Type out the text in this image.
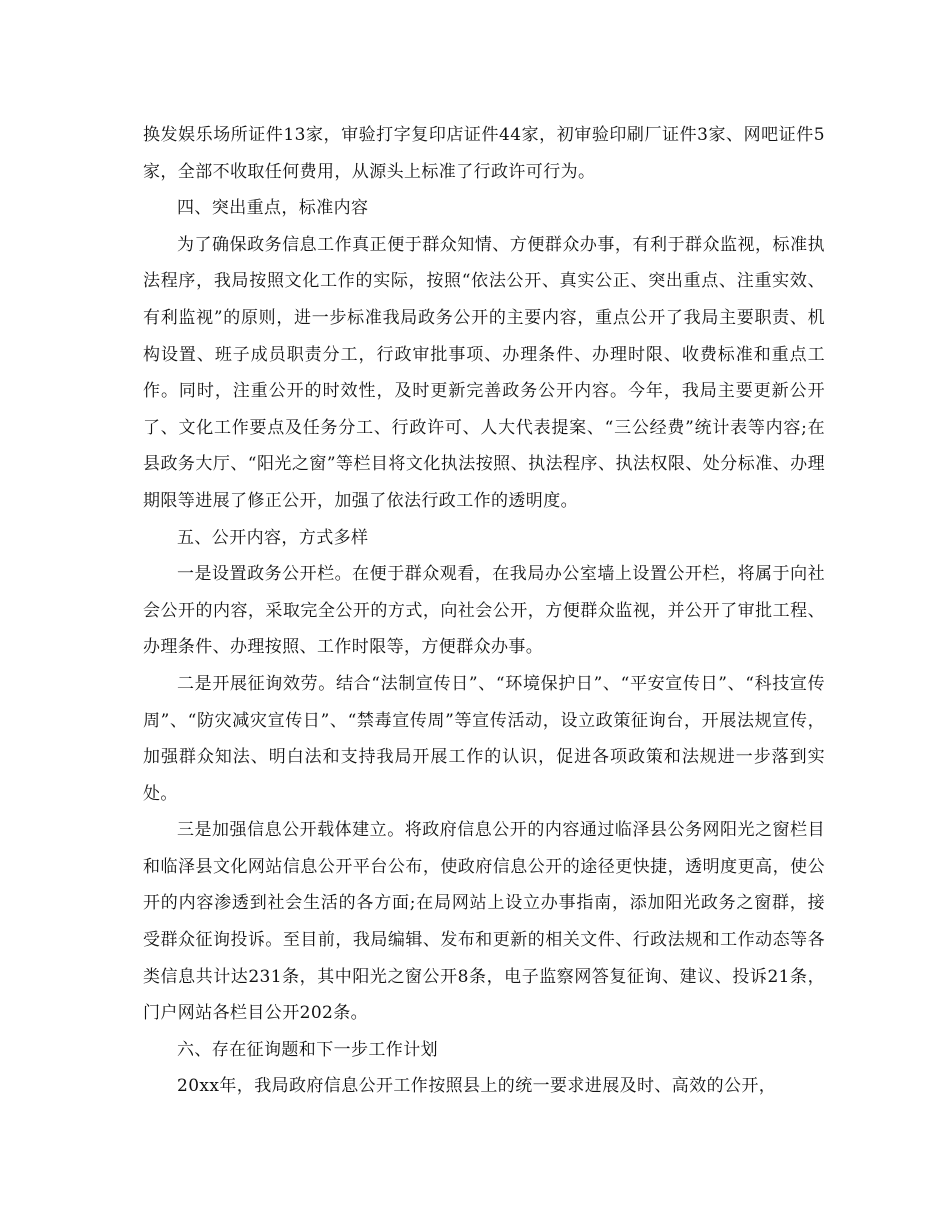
换发娱乐场所证件13家，审验打字复印店证件44家，初审验印刷厂证件3家、网吧证件5家，全部不收取任何费用，从源头上标准了行政许可行为。

四、突出重点，标准内容

为了确保政务信息工作真正便于群众知情、方便群众办事，有利于群众监视，标准执法程序，我局按照文化工作的实际，按照“依法公开、真实公正、突出重点、注重实效、有利监视”的原则，进一步标准我局政务公开的主要内容，重点公开了我局主要职责、机构设置、班子成员职责分工，行政审批事项、办理条件、办理时限、收费标准和重点工作。同时，注重公开的时效性，及时更新完善政务公开内容。今年，我局主要更新公开了、文化工作要点及任务分工、行政许可、人大代表提案、“三公经费”统计表等内容;在县政务大厅、“阳光之窗”等栏目将文化执法按照、执法程序、执法权限、处分标准、办理期限等进展了修正公开，加强了依法行政工作的透明度。

五、公开内容，方式多样

一是设置政务公开栏。在便于群众观看，在我局办公室墙上设置公开栏，将属于向社会公开的内容，采取完全公开的方式，向社会公开，方便群众监视，并公开了审批工程、办理条件、办理按照、工作时限等，方便群众办事。

二是开展征询效劳。结合“法制宣传日”、“环境保护日”、“平安宣传日”、“科技宣传周”、“防灾减灾宣传日”、“禁毒宣传周”等宣传活动，设立政策征询台，开展法规宣传，加强群众知法、明白法和支持我局开展工作的认识，促进各项政策和法规进一步落到实处。

三是加强信息公开载体建立。将政府信息公开的内容通过临泽县公务网阳光之窗栏目和临泽县文化网站信息公开平台公布，使政府信息公开的途径更快捷，透明度更高，使公开的内容渗透到社会生活的各方面;在局网站上设立办事指南，添加阳光政务之窗群，接受群众征询投诉。至目前，我局编辑、发布和更新的相关文件、行政法规和工作动态等各类信息共计达231条，其中阳光之窗公开8条，电子监察网答复征询、建议、投诉21条，门户网站各栏目公开202条。

六、存在征询题和下一步工作计划

20xx年，我局政府信息公开工作按照县上的统一要求进展及时、高效的公开，
